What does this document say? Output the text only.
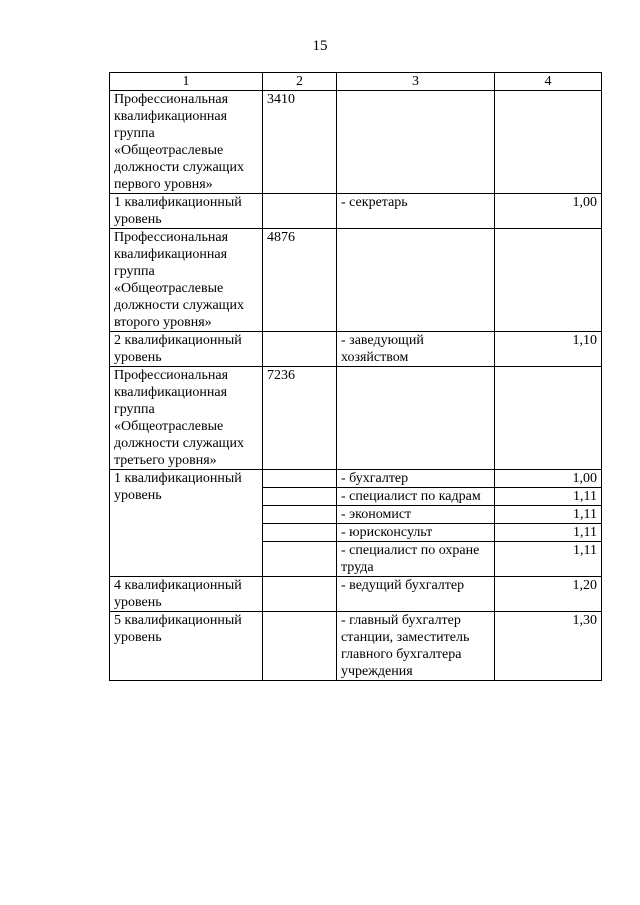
15
1	2	3	4
Профессиональная квалификационная группа «Общеотраслевые должности служащих первого уровня»	3410		
1 квалификационный уровень		- секретарь	1,00
Профессиональная квалификационная группа «Общеотраслевые должности служащих второго уровня»	4876		
2 квалификационный уровень		- заведующий хозяйством	1,10
Профессиональная квалификационная группа «Общеотраслевые должности служащих третьего уровня»	7236		
1 квалификационный уровень		- бухгалтер	1,00
		- специалист по кадрам	1,11
		- экономист	1,11
		- юрисконсульт	1,11
		- специалист по охране труда	1,11
4 квалификационный уровень		- ведущий бухгалтер	1,20
5 квалификационный уровень		- главный бухгалтер станции, заместитель главного бухгалтера учреждения	1,30
